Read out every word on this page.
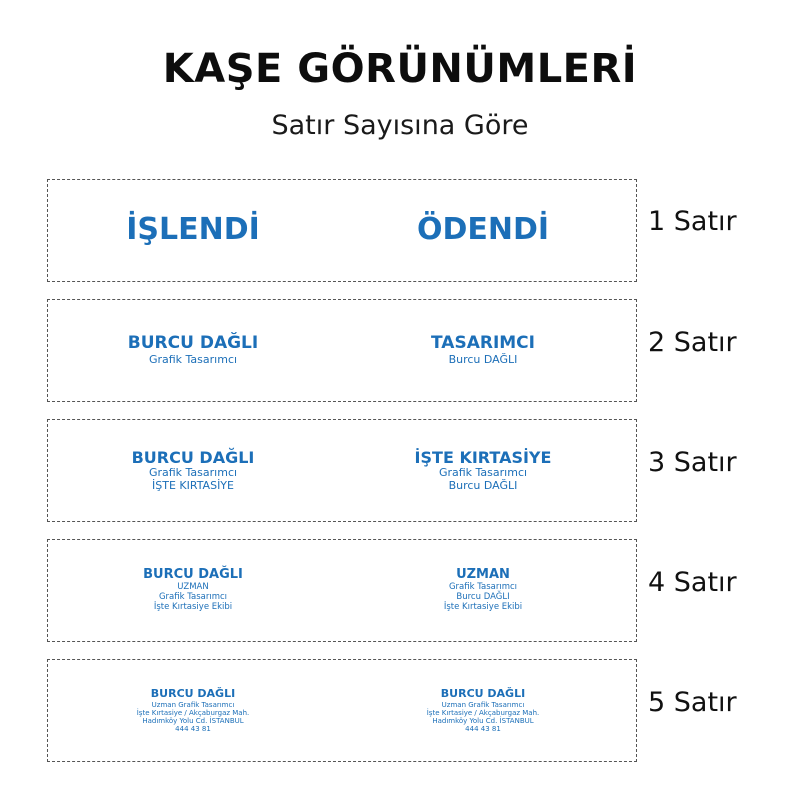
KAŞE GÖRÜNÜMLERİ
Satır Sayısına Göre
İŞLENDİ	ÖDENDİ	1 Satır
BURCU DAĞLI
Grafik Tasarımcı
TASARIMCI
Burcu DAĞLI
2 Satır
BURCU DAĞLI
Grafik Tasarımcı
İŞTE KIRTASİYE
İŞTE KIRTASİYE
Grafik Tasarımcı
Burcu DAĞLI
3 Satır
BURCU DAĞLI
UZMAN
Grafik Tasarımcı
İşte Kırtasiye Ekibi
UZMAN
Grafik Tasarımcı
Burcu DAĞLI
İşte Kırtasiye Ekibi
4 Satır
BURCU DAĞLI
Uzman Grafik Tasarımcı
İşte Kırtasiye / Akçaburgaz Mah.
Hadımköy Yolu Cd. İSTANBUL
444 43 81
BURCU DAĞLI
Uzman Grafik Tasarımcı
İşte Kırtasiye / Akçaburgaz Mah.
Hadımköy Yolu Cd. İSTANBUL
444 43 81
5 Satır
